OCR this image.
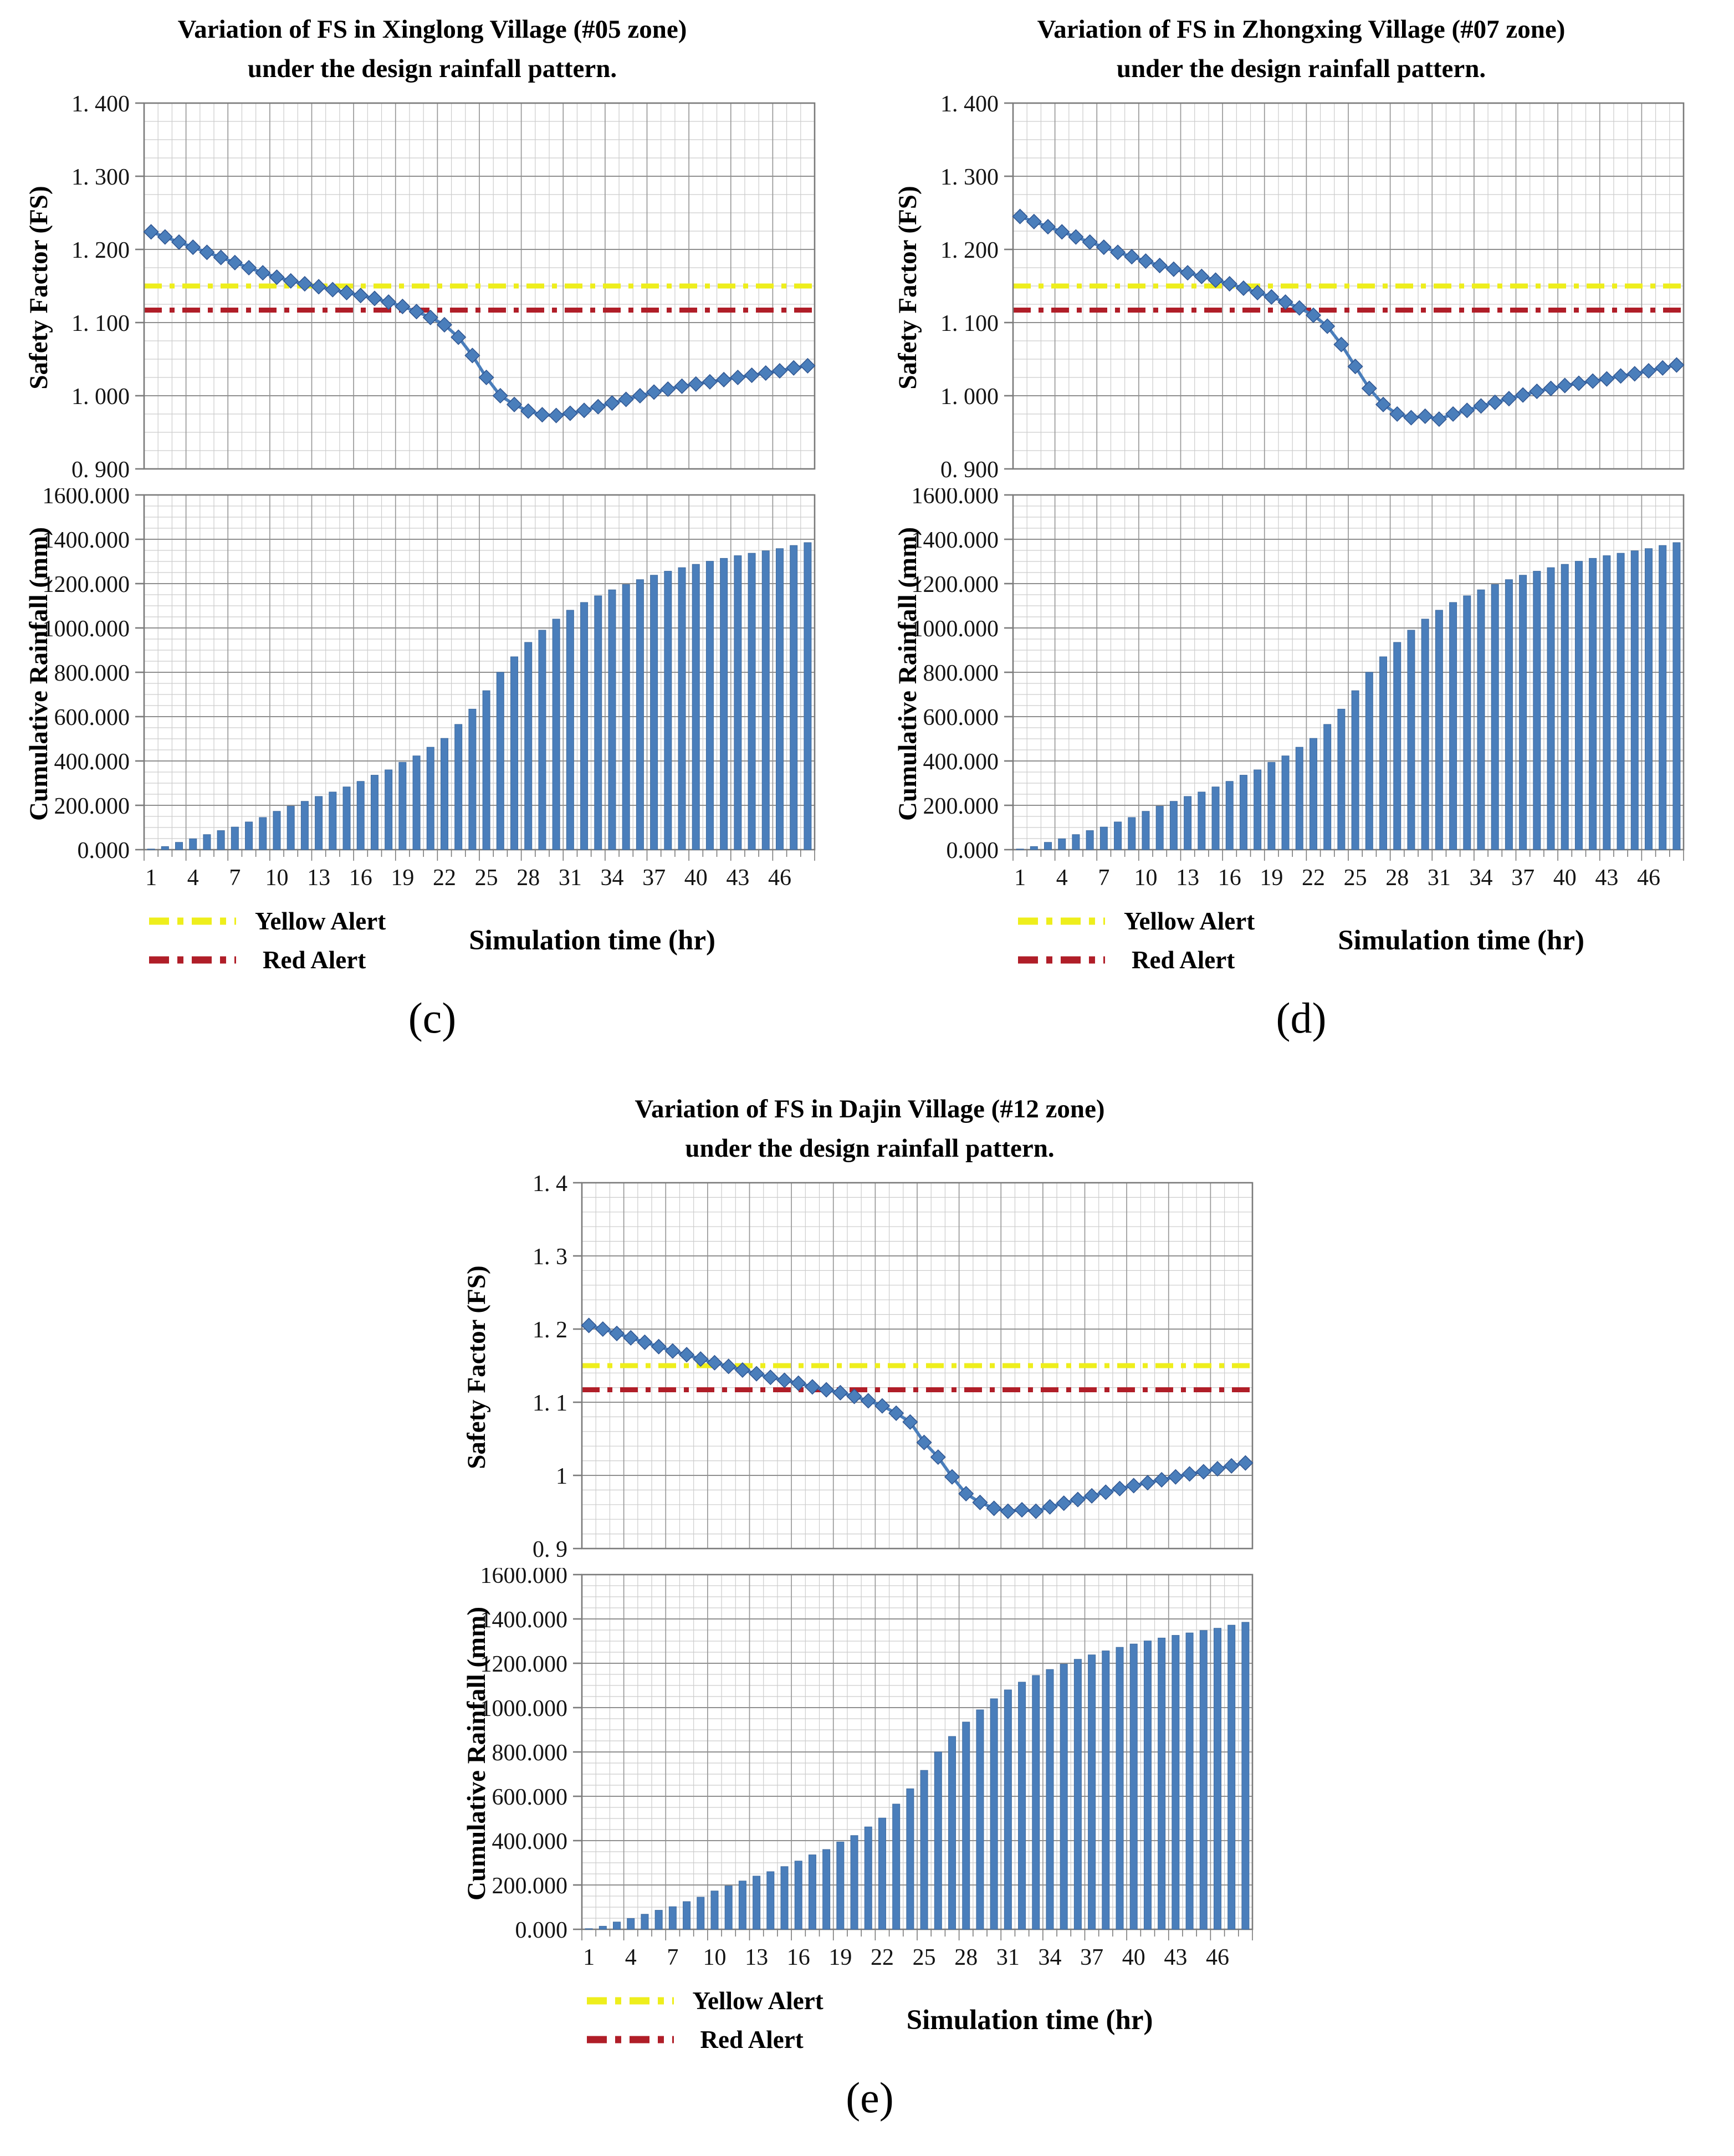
Variation of FS in Xinglong Village (#05 zone)
under the design rainfall pattern.
Safety Factor (FS)
1. 400
1. 300
1. 200
1. 100
1. 000
0. 900
Cumulative Rainfall (mm)
1600.000
1400.000
1200.000
1000.000
800.000
600.000
400.000
200.000
0.000
1 4 7 10 13 16 19 22 25 28 31 34 37 40 43 46
Yellow Alert
Red Alert
Simulation time (hr)
(c)
Variation of FS in Zhongxing Village (#07 zone)
under the design rainfall pattern.
Safety Factor (FS)
1. 400
1. 300
1. 200
1. 100
1. 000
0. 900
Cumulative Rainfall (mm)
1600.000
1400.000
1200.000
1000.000
800.000
600.000
400.000
200.000
0.000
1 4 7 10 13 16 19 22 25 28 31 34 37 40 43 46
Yellow Alert
Red Alert
Simulation time (hr)
(d)
Variation of FS in Dajin Village (#12 zone)
under the design rainfall pattern.
Safety Factor (FS)
1. 4
1. 3
1. 2
1. 1
1
0. 9
Cumulative Rainfall (mm)
1600.000
1400.000
1200.000
1000.000
800.000
600.000
400.000
200.000
0.000
1 4 7 10 13 16 19 22 25 28 31 34 37 40 43 46
Yellow Alert
Red Alert
Simulation time (hr)
(e)
